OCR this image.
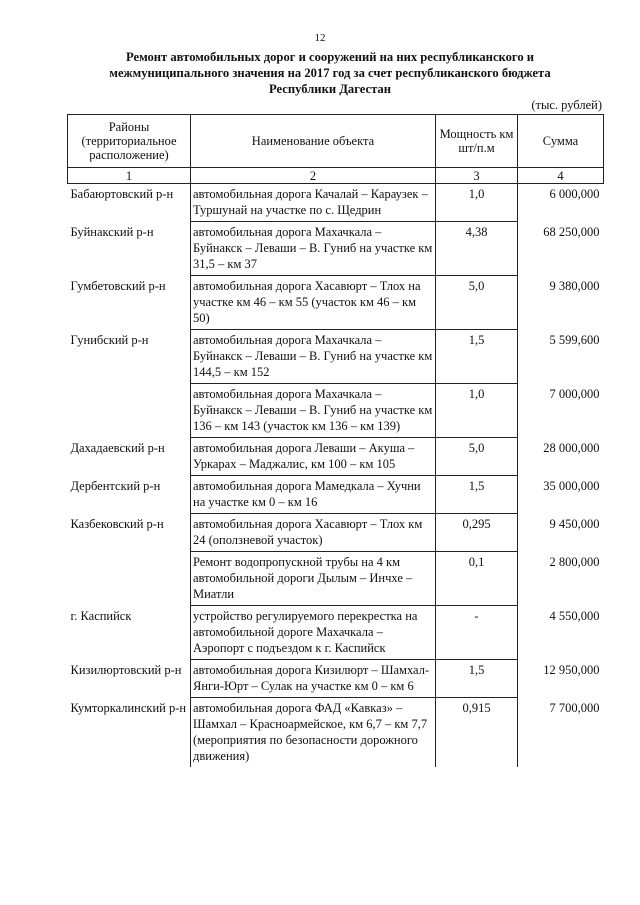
12
Ремонт автомобильных дорог и сооружений на них республиканского и
межмуниципального значения на 2017 год за счет республиканского бюджета
Республики Дагестан
(тыс. рублей)
Районы (территориальное расположение)	Наименование объекта	Мощность км шт/п.м	Сумма
1	2	3	4
Бабаюртовский р-н	автомобильная дорога Качалай – Караузек – Туршунай на участке по с. Щедрин	1,0	6 000,000
Буйнакский р-н	автомобильная дорога Махачкала – Буйнакск – Леваши – В. Гуниб на участке км 31,5 – км 37	4,38	68 250,000
Гумбетовский р-н	автомобильная дорога Хасавюрт – Тлох на участке км 46 – км 55 (участок км 46 – км 50)	5,0	9 380,000
Гунибский р-н	автомобильная дорога Махачкала – Буйнакск – Леваши – В. Гуниб на участке км 144,5 – км 152	1,5	5 599,600
	автомобильная дорога Махачкала – Буйнакск – Леваши – В. Гуниб на участке км 136 – км 143 (участок км 136 – км 139)	1,0	7 000,000
Дахадаевский р-н	автомобильная дорога Леваши – Акуша – Уркарах – Маджалис, км 100 – км 105	5,0	28 000,000
Дербентский р-н	автомобильная дорога Мамедкала – Хучни на участке км 0 – км 16	1,5	35 000,000
Казбековский р-н	автомобильная дорога Хасавюрт – Тлох км 24 (оползневой участок)	0,295	9 450,000
	Ремонт водопропускной трубы на 4 км автомобильной дороги Дылым – Инчхе – Миатли	0,1	2 800,000
г. Каспийск	устройство регулируемого перекрестка на автомобильной дороге Махачкала – Аэропорт с подъездом к г. Каспийск	-	4 550,000
Кизилюртовский р-н	автомобильная дорога Кизилюрт – Шамхал-Янги-Юрт – Сулак на участке км 0 – км 6	1,5	12 950,000
Кумторкалинский р-н	автомобильная дорога ФАД «Кавказ» – Шамхал – Красноармейское, км 6,7 – км 7,7 (мероприятия по безопасности дорожного движения)	0,915	7 700,000
